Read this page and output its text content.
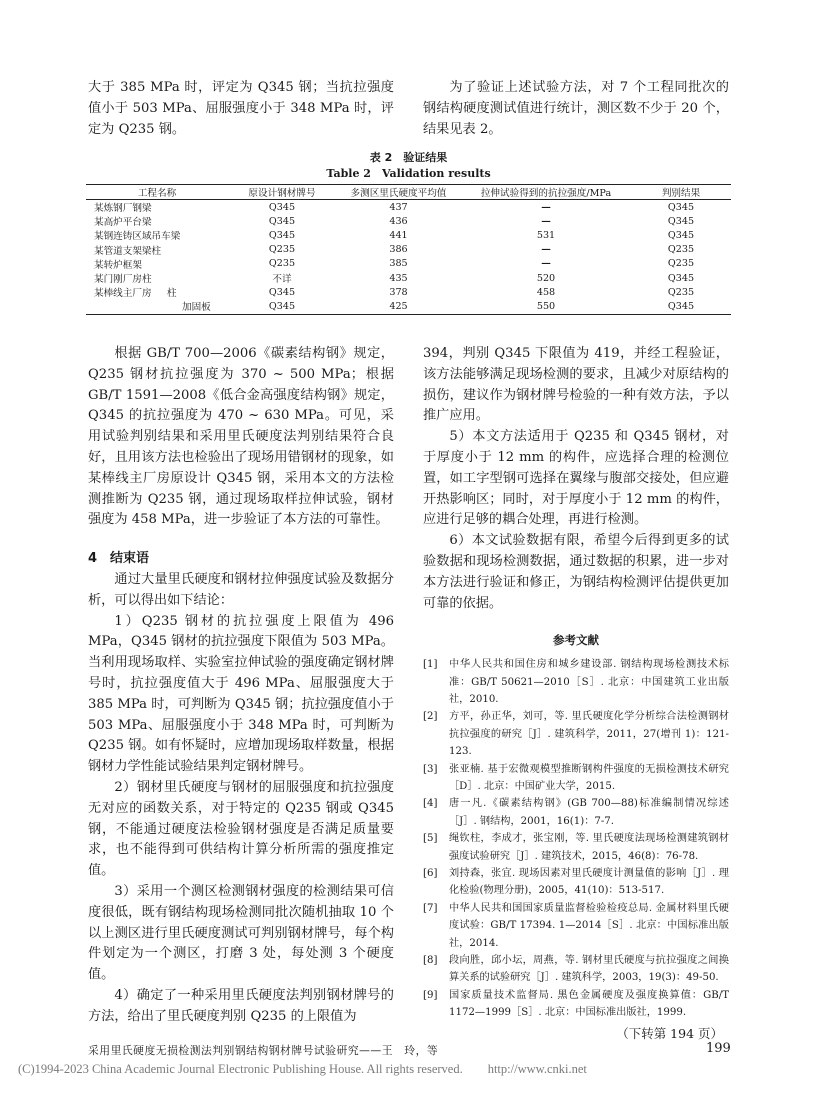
大于 385 MPa 时，评定为 Q345 钢；当抗拉强度值小于 503 MPa、屈服强度小于 348 MPa 时，评定为 Q235 钢。

为了验证上述试验方法，对 7 个工程同批次的钢结构硬度测试值进行统计，测区数不少于 20 个，结果见表 2。

表 2　验证结果
Table 2　Validation results
工程名称	原设计钢材牌号	多测区里氏硬度平均值	拉伸试验得到的抗拉强度/MPa	判别结果
某炼钢厂钢梁	Q345	437	—	Q345
某高炉平台梁	Q345	436	—	Q345
某钢连铸区域吊车梁	Q345	441	531	Q345
某管道支架梁柱	Q235	386	—	Q235
某转炉框架	Q235	385	—	Q235
某门刚厂房柱	不详	435	520	Q345
某棒线主厂房 柱	Q345	378	458	Q235
加固板	Q345	425	550	Q345

根据 GB/T 700—2006《碳素结构钢》规定，Q235 钢材抗拉强度为 370 ~ 500 MPa；根据 GB/T 1591—2008《低合金高强度结构钢》规定，Q345 的抗拉强度为 470 ~ 630 MPa。可见，采用试验判别结果和采用里氏硬度法判别结果符合良好，且用该方法也检验出了现场用错钢材的现象，如某棒线主厂房原设计 Q345 钢，采用本文的方法检测推断为 Q235 钢，通过现场取样拉伸试验，钢材强度为 458 MPa，进一步验证了本方法的可靠性。

4　结束语

通过大量里氏硬度和钢材拉伸强度试验及数据分析，可以得出如下结论：

1）Q235 钢材的抗拉强度上限值为 496 MPa，Q345 钢材的抗拉强度下限值为 503 MPa。当利用现场取样、实验室拉伸试验的强度确定钢材牌号时，抗拉强度值大于 496 MPa、屈服强度大于 385 MPa 时，可判断为 Q345 钢；抗拉强度值小于 503 MPa、屈服强度小于 348 MPa 时，可判断为 Q235 钢。如有怀疑时，应增加现场取样数量，根据钢材力学性能试验结果判定钢材牌号。

2）钢材里氏硬度与钢材的屈服强度和抗拉强度无对应的函数关系，对于特定的 Q235 钢或 Q345 钢，不能通过硬度法检验钢材强度是否满足质量要求，也不能得到可供结构计算分析所需的强度推定值。

3）采用一个测区检测钢材强度的检测结果可信度很低，既有钢结构现场检测同批次随机抽取 10 个以上测区进行里氏硬度测试可判别钢材牌号，每个构件划定为一个测区，打磨 3 处，每处测 3 个硬度值。

4）确定了一种采用里氏硬度法判别钢材牌号的方法，给出了里氏硬度判别 Q235 的上限值为

394，判别 Q345 下限值为 419，并经工程验证，该方法能够满足现场检测的要求，且减少对原结构的损伤，建议作为钢材牌号检验的一种有效方法，予以推广应用。

5）本文方法适用于 Q235 和 Q345 钢材，对于厚度小于 12 mm 的构件，应选择合理的检测位置，如工字型钢可选择在翼缘与腹部交接处，但应避开热影响区；同时，对于厚度小于 12 mm 的构件，应进行足够的耦合处理，再进行检测。

6）本文试验数据有限，希望今后得到更多的试验数据和现场检测数据，通过数据的积累，进一步对本方法进行验证和修正，为钢结构检测评估提供更加可靠的依据。

参考文献

[1]	中华人民共和国住房和城乡建设部. 钢结构现场检测技术标准：GB/T 50621—2010［S］. 北京：中国建筑工业出版社，2010.
[2]	方平，孙正华，刘可，等. 里氏硬度化学分析综合法检测钢材抗拉强度的研究［J］. 建筑科学，2011，27(增刊 1)：121-123.
[3]	张亚楠. 基于宏微观模型推断钢构件强度的无损检测技术研究［D］. 北京：中国矿业大学，2015.
[4]	唐一凡.《碳素结构钢》(GB 700—88)标准编制情况综述［J］. 钢结构，2001，16(1)：7-7.
[5]	绳钦柱，李成才，张宝刚，等. 里氏硬度法现场检测建筑钢材强度试验研究［J］. 建筑技术，2015，46(8)：76-78.
[6]	刘持森，张宜. 现场因素对里氏硬度计测量值的影响［J］. 理化检验(物理分册)，2005，41(10)：513-517.
[7]	中华人民共和国国家质量监督检验检疫总局. 金属材料里氏硬度试验：GB/T 17394. 1—2014［S］. 北京：中国标准出版社，2014.
[8]	段向胜，邱小坛，周燕，等. 钢材里氏硬度与抗拉强度之间换算关系的试验研究［J］. 建筑科学，2003，19(3)：49-50.
[9]	国家质量技术监督局. 黑色金属硬度及强度换算值：GB/T 1172—1999［S］. 北京：中国标准出版社，1999.

（下转第 194 页）

采用里氏硬度无损检测法判别钢结构钢材牌号试验研究——王　玲，等	199
(C)1994-2023 China Academic Journal Electronic Publishing House. All rights reserved.　　http://www.cnki.net
